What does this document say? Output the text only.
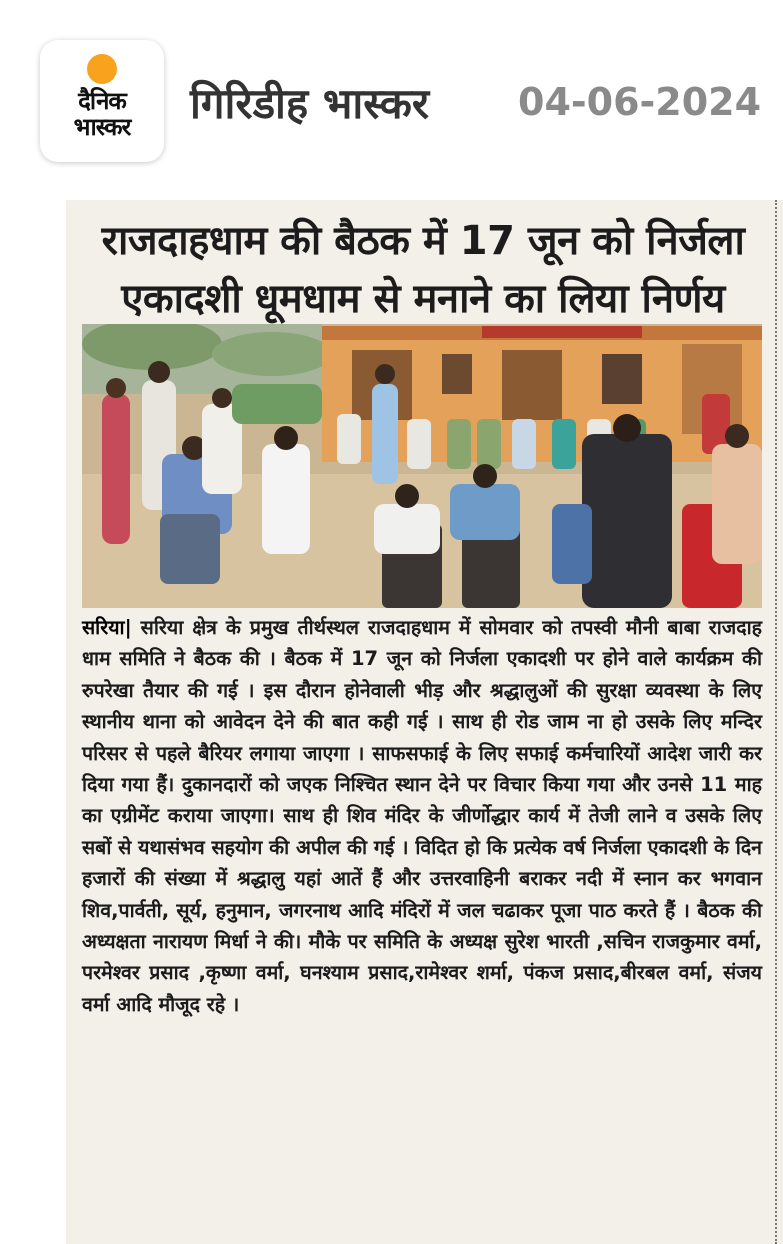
दैनिक
भास्कर	गिरिडीह भास्कर 04-06-2024
राजदाहधाम की बैठक में 17 जून को निर्जला एकादशी धूमधाम से मनाने का लिया निर्णय
सरिया| सरिया क्षेत्र के प्रमुख तीर्थस्थल राजदाहधाम में सोमवार को तपस्वी मौनी बाबा राजदाह धाम समिति ने बैठक की । बैठक में 17 जून को निर्जला एकादशी पर होने वाले कार्यक्रम की रुपरेखा तैयार की गई । इस दौरान होनेवाली भीड़ और श्रद्धालुओं की सुरक्षा व्यवस्था के लिए स्थानीय थाना को आवेदन देने की बात कही गई । साथ ही रोड जाम ना हो उसके लिए मन्दिर परिसर से पहले बैरियर लगाया जाएगा । साफसफाई के लिए सफाई कर्मचारियों आदेश जारी कर दिया गया हैं। दुकानदारों को जएक निश्चित स्थान देने पर विचार किया गया और उनसे 11 माह का एग्रीमेंट कराया जाएगा। साथ ही शिव मंदिर के जीर्णोद्धार कार्य में तेजी लाने व उसके लिए सबों से यथासंभव सहयोग की अपील की गई । विदित हो कि प्रत्येक वर्ष निर्जला एकादशी के दिन हजारों की संख्या में श्रद्धालु यहां आतें हैं और उत्तरवाहिनी बराकर नदी में स्नान कर भगवान शिव,पार्वती, सूर्य, हनुमान, जगरनाथ आदि मंदिरों में जल चढाकर पूजा पाठ करते हैं । बैठक की अध्यक्षता नारायण मिर्धा ने की। मौके पर समिति के अध्यक्ष सुरेश भारती ,सचिन राजकुमार वर्मा, परमेश्वर प्रसाद ,कृष्णा वर्मा, घनश्याम प्रसाद,रामेश्वर शर्मा, पंकज प्रसाद,बीरबल वर्मा, संजय वर्मा आदि मौजूद रहे ।
